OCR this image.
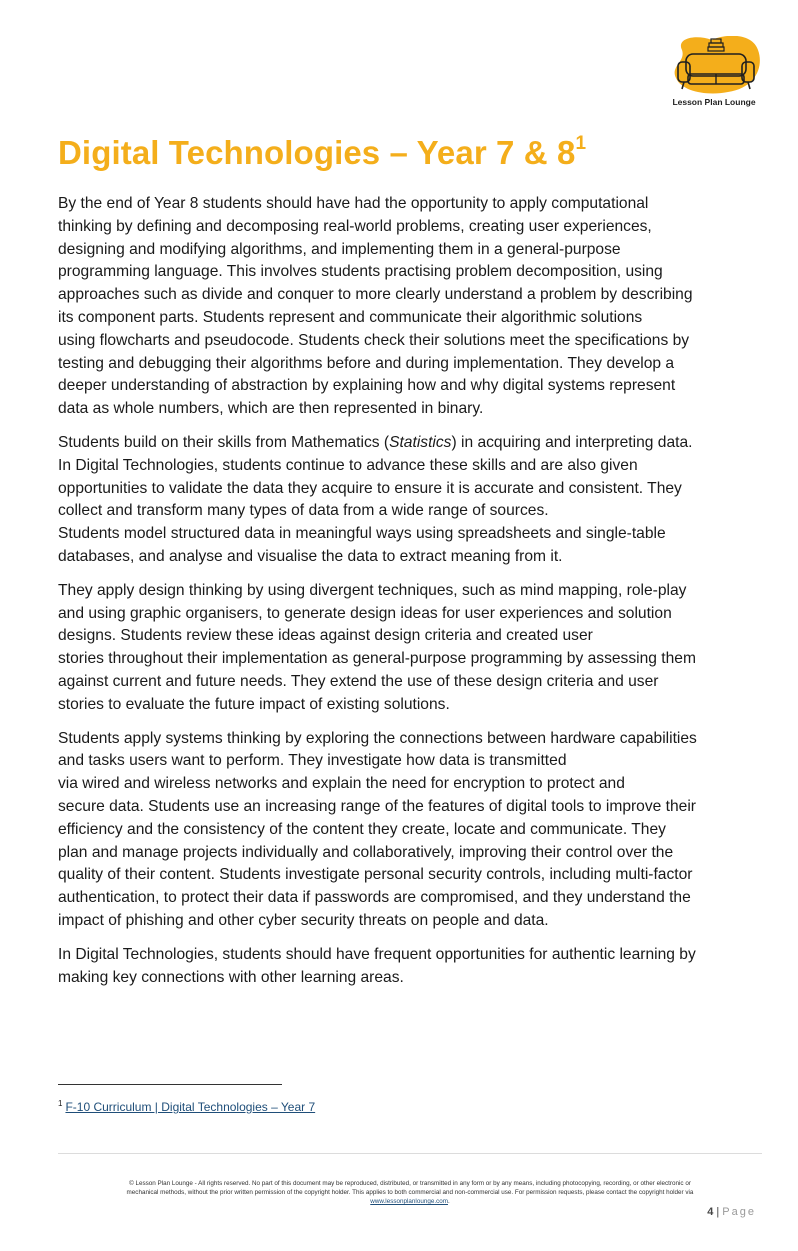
Lesson Plan Lounge
Digital Technologies – Year 7 & $8^1$

By the end of Year 8 students should have had the opportunity to apply computational
thinking by defining and decomposing real-world problems, creating user experiences,
designing and modifying algorithms, and implementing them in a general-purpose
programming language. This involves students practising problem decomposition, using
approaches such as divide and conquer to more clearly understand a problem by describing
its component parts. Students represent and communicate their algorithmic solutions
using flowcharts and pseudocode. Students check their solutions meet the specifications by
testing and debugging their algorithms before and during implementation. They develop a
deeper understanding of abstraction by explaining how and why digital systems represent
data as whole numbers, which are then represented in binary.

Students build on their skills from Mathematics (Statistics) in acquiring and interpreting data.
In Digital Technologies, students continue to advance these skills and are also given
opportunities to validate the data they acquire to ensure it is accurate and consistent. They
collect and transform many types of data from a wide range of sources.
Students model structured data in meaningful ways using spreadsheets and single-table
databases, and analyse and visualise the data to extract meaning from it.

They apply design thinking by using divergent techniques, such as mind mapping, role-play
and using graphic organisers, to generate design ideas for user experiences and solution
designs. Students review these ideas against design criteria and created user
stories throughout their implementation as general-purpose programming by assessing them
against current and future needs. They extend the use of these design criteria and user
stories to evaluate the future impact of existing solutions.

Students apply systems thinking by exploring the connections between hardware capabilities
and tasks users want to perform. They investigate how data is transmitted
via wired and wireless networks and explain the need for encryption to protect and
secure data. Students use an increasing range of the features of digital tools to improve their
efficiency and the consistency of the content they create, locate and communicate. They
plan and manage projects individually and collaboratively, improving their control over the
quality of their content. Students investigate personal security controls, including multi-factor
authentication, to protect their data if passwords are compromised, and they understand the
impact of phishing and other cyber security threats on people and data.

In Digital Technologies, students should have frequent opportunities for authentic learning by
making key connections with other learning areas.

$^1$ F-10 Curriculum | Digital Technologies – Year 7
© Lesson Plan Lounge - All rights reserved. No part of this document may be reproduced, distributed, or transmitted in any form or by any means, including photocopying, recording, or other electronic or
mechanical methods, without the prior written permission of the copyright holder. This applies to both commercial and non-commercial use. For permission requests, please contact the copyright holder via
www.lessonplanlounge.com.
4 | Page
